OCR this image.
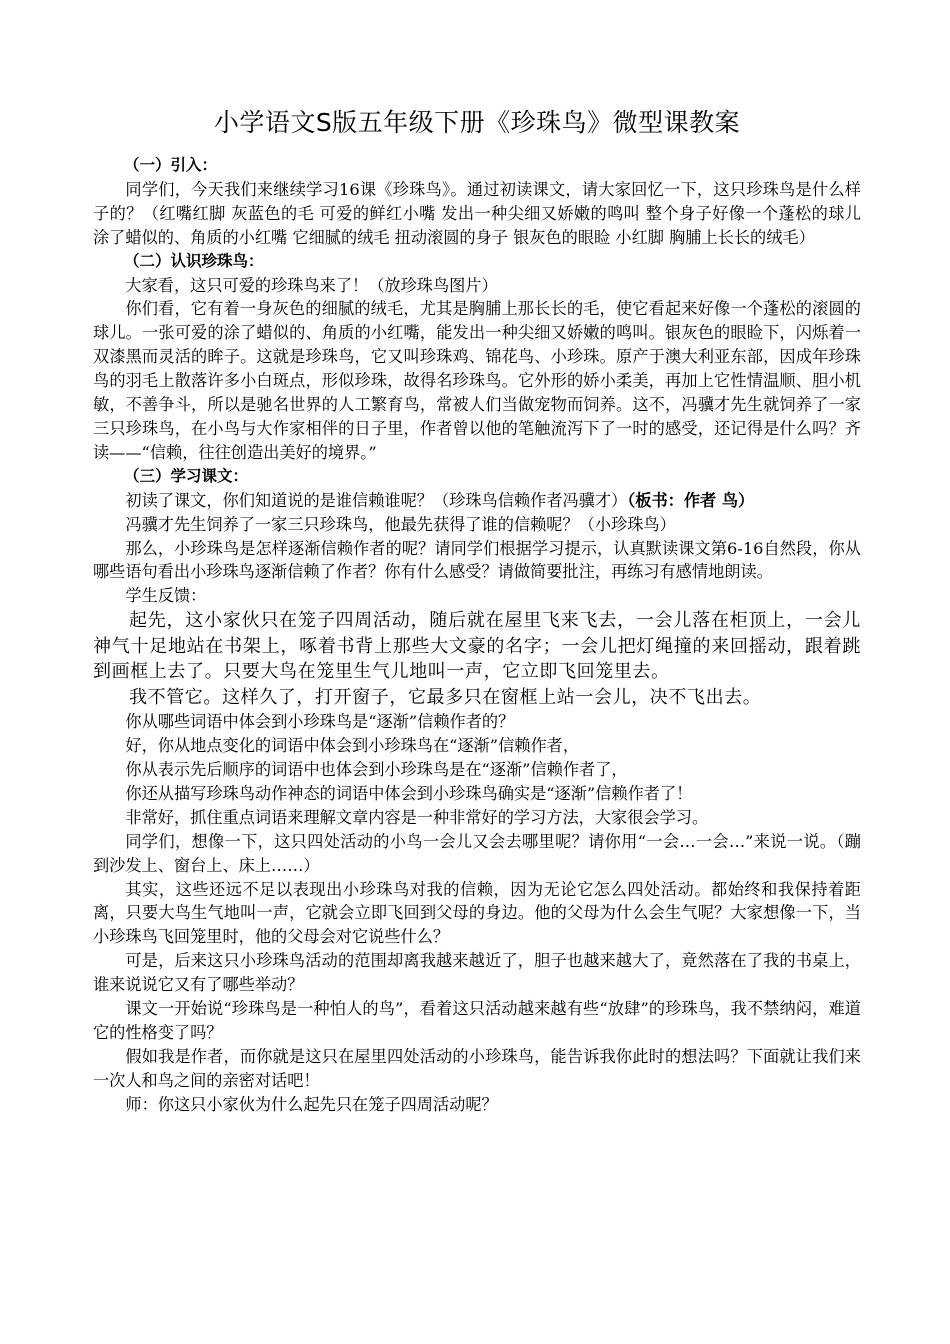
小学语文S版五年级下册《珍珠鸟》微型课教案

（一）引入：

同学们，今天我们来继续学习16课《珍珠鸟》。通过初读课文，请大家回忆一下，这只珍珠鸟是什么样子的？（红嘴红脚 灰蓝色的毛 可爱的鲜红小嘴 发出一种尖细又娇嫩的鸣叫 整个身子好像一个蓬松的球儿 涂了蜡似的、角质的小红嘴 它细腻的绒毛 扭动滚圆的身子 银灰色的眼睑 小红脚 胸脯上长长的绒毛）

（二）认识珍珠鸟：

大家看，这只可爱的珍珠鸟来了！（放珍珠鸟图片）

你们看，它有着一身灰色的细腻的绒毛，尤其是胸脯上那长长的毛，使它看起来好像一个蓬松的滚圆的球儿。一张可爱的涂了蜡似的、角质的小红嘴，能发出一种尖细又娇嫩的鸣叫。银灰色的眼睑下，闪烁着一双漆黑而灵活的眸子。这就是珍珠鸟，它又叫珍珠鸡、锦花鸟、小珍珠。原产于澳大利亚东部，因成年珍珠鸟的羽毛上散落许多小白斑点，形似珍珠，故得名珍珠鸟。它外形的娇小柔美，再加上它性情温顺、胆小机敏，不善争斗，所以是驰名世界的人工繁育鸟，常被人们当做宠物而饲养。这不，冯骥才先生就饲养了一家三只珍珠鸟，在小鸟与大作家相伴的日子里，作者曾以他的笔触流泻下了一时的感受，还记得是什么吗？齐读——“信赖，往往创造出美好的境界。”

（三）学习课文：

初读了课文，你们知道说的是谁信赖谁呢？（珍珠鸟信赖作者冯骥才）（板书：作者 鸟）

冯骥才先生饲养了一家三只珍珠鸟，他最先获得了谁的信赖呢？（小珍珠鸟）

那么，小珍珠鸟是怎样逐渐信赖作者的呢？请同学们根据学习提示，认真默读课文第6-16自然段，你从哪些语句看出小珍珠鸟逐渐信赖了作者？你有什么感受？请做简要批注，再练习有感情地朗读。

学生反馈：

起先，这小家伙只在笼子四周活动，随后就在屋里飞来飞去，一会儿落在柜顶上，一会儿神气十足地站在书架上，啄着书背上那些大文豪的名字；一会儿把灯绳撞的来回摇动，跟着跳到画框上去了。只要大鸟在笼里生气儿地叫一声，它立即飞回笼里去。

我不管它。这样久了，打开窗子，它最多只在窗框上站一会儿，决不飞出去。

你从哪些词语中体会到小珍珠鸟是“逐渐”信赖作者的？

好，你从地点变化的词语中体会到小珍珠鸟在“逐渐”信赖作者，

你从表示先后顺序的词语中也体会到小珍珠鸟是在“逐渐”信赖作者了，

你还从描写珍珠鸟动作神态的词语中体会到小珍珠鸟确实是“逐渐”信赖作者了！

非常好，抓住重点词语来理解文章内容是一种非常好的学习方法，大家很会学习。

同学们，想像一下，这只四处活动的小鸟一会儿又会去哪里呢？请你用“一会…一会…”来说一说。（蹦到沙发上、窗台上、床上……）

其实，这些还远不足以表现出小珍珠鸟对我的信赖，因为无论它怎么四处活动。都始终和我保持着距离，只要大鸟生气地叫一声，它就会立即飞回到父母的身边。他的父母为什么会生气呢？大家想像一下，当小珍珠鸟飞回笼里时，他的父母会对它说些什么？

可是，后来这只小珍珠鸟活动的范围却离我越来越近了，胆子也越来越大了，竟然落在了我的书桌上，谁来说说它又有了哪些举动？

课文一开始说“珍珠鸟是一种怕人的鸟”，看着这只活动越来越有些“放肆”的珍珠鸟，我不禁纳闷，难道它的性格变了吗？

假如我是作者，而你就是这只在屋里四处活动的小珍珠鸟，能告诉我你此时的想法吗？下面就让我们来一次人和鸟之间的亲密对话吧！

师：你这只小家伙为什么起先只在笼子四周活动呢？
